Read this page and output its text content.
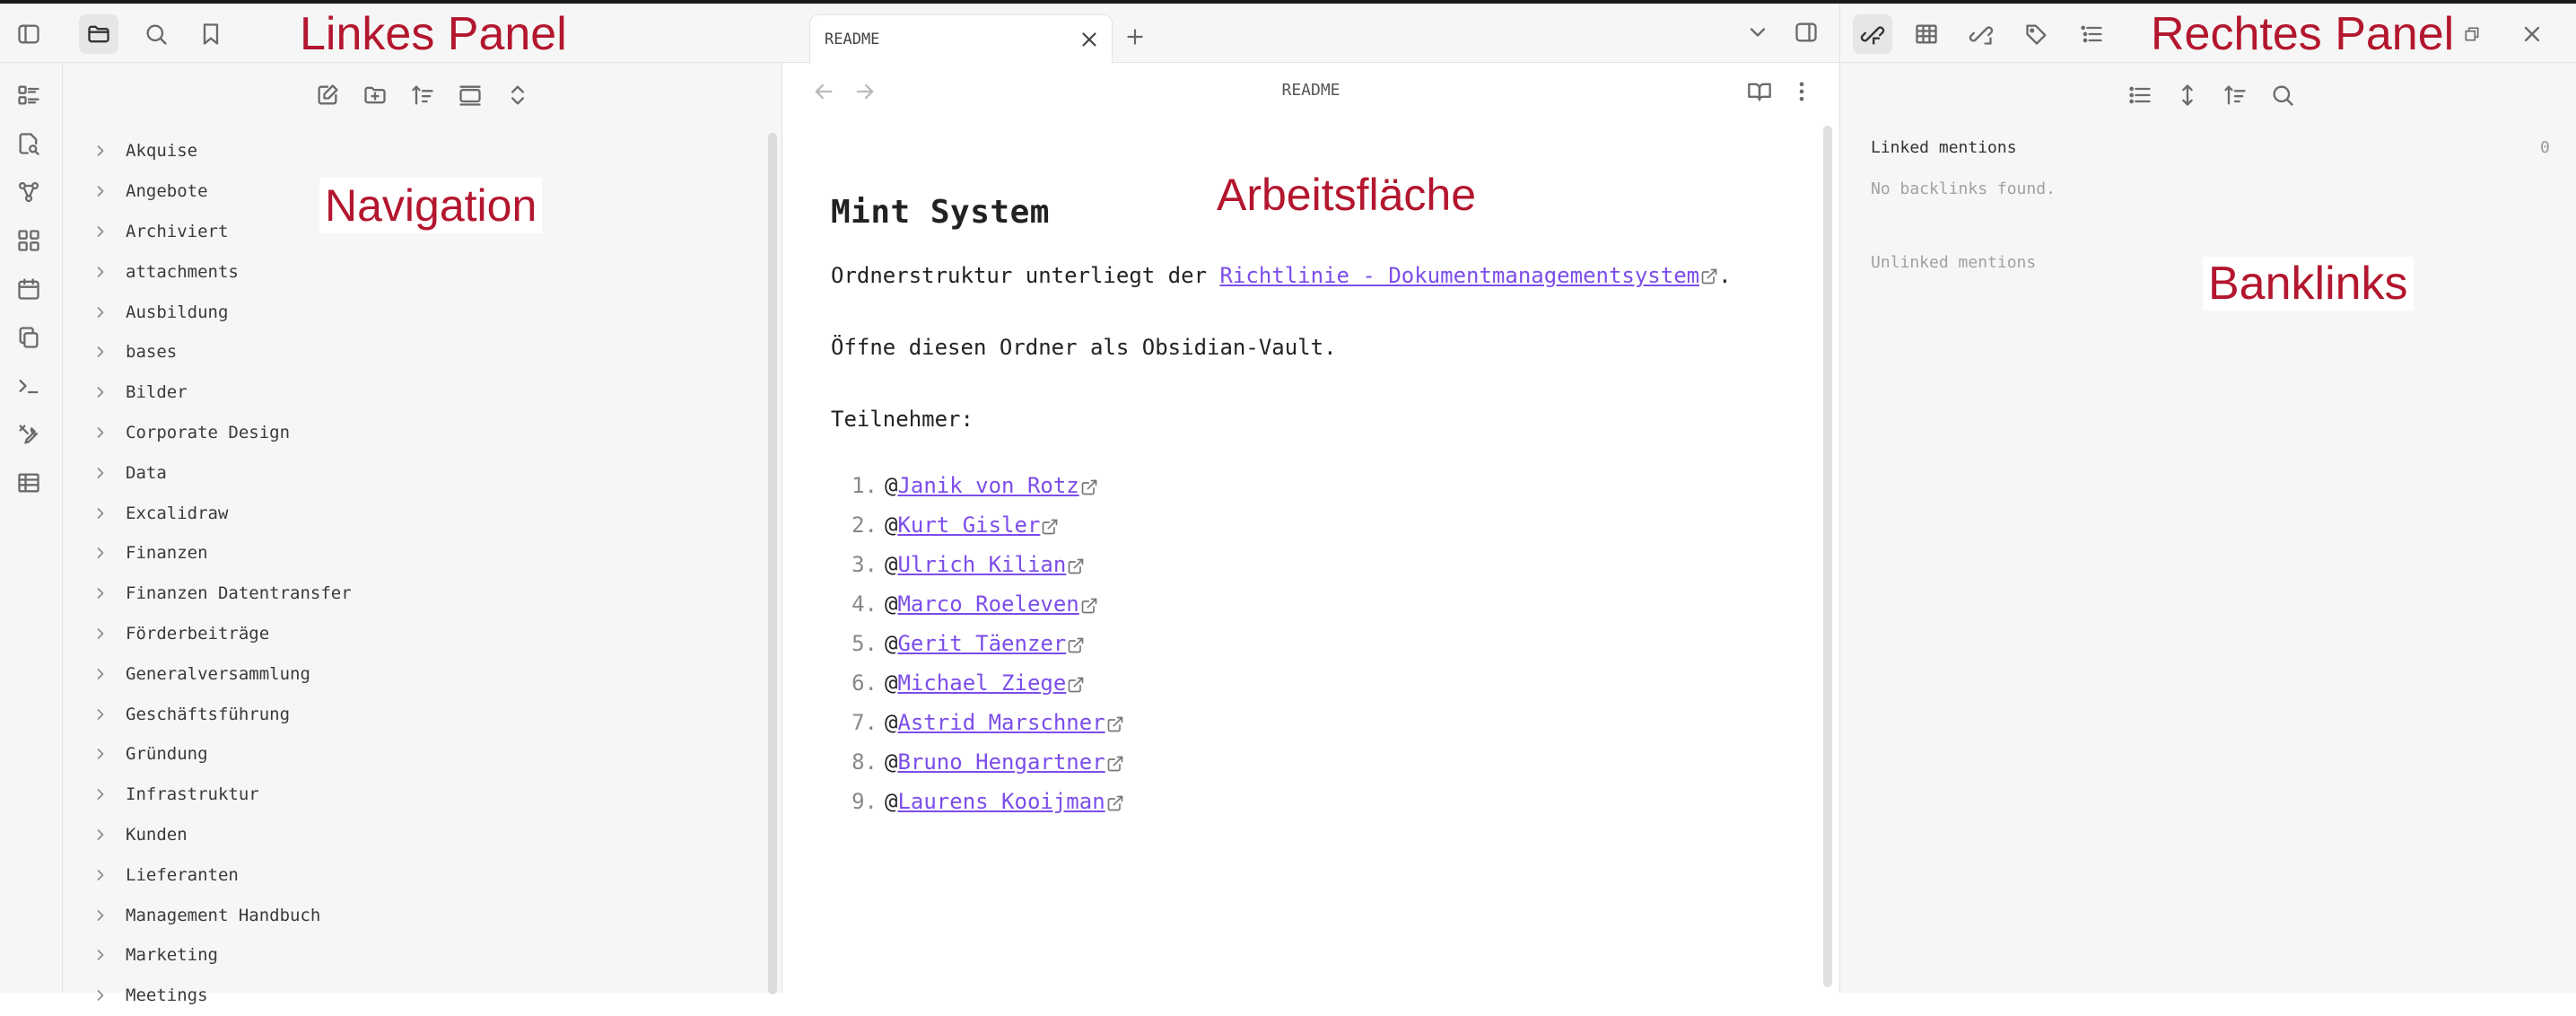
Linkes Panel
Navigation
Akquise
Angebote
Archiviert
attachments
Ausbildung
bases
Bilder
Corporate Design
Data
Excalidraw
Finanzen
Finanzen Datentransfer
Förderbeiträge
Generalversammlung
Geschäftsführung
Gründung
Infrastruktur
Kunden
Lieferanten
Management Handbuch
Marketing
Meetings
README
README
Arbeitsfläche
Mint System

Ordnerstruktur unterliegt der Richtlinie - Dokumentmanagementsystem .

Öffne diesen Ordner als Obsidian-Vault.

Teilnehmer:

1. @ Janik von Rotz
2. @ Kurt Gisler
3. @ Ulrich Kilian
4. @ Marco Roeleven
5. @ Gerit Täenzer
6. @ Michael Ziege
7. @ Astrid Marschner
8. @ Bruno Hengartner
9. @ Laurens Kooijman
Rechtes Panel
Linked mentions	0
No backlinks found.
Unlinked mentions	Banklinks
